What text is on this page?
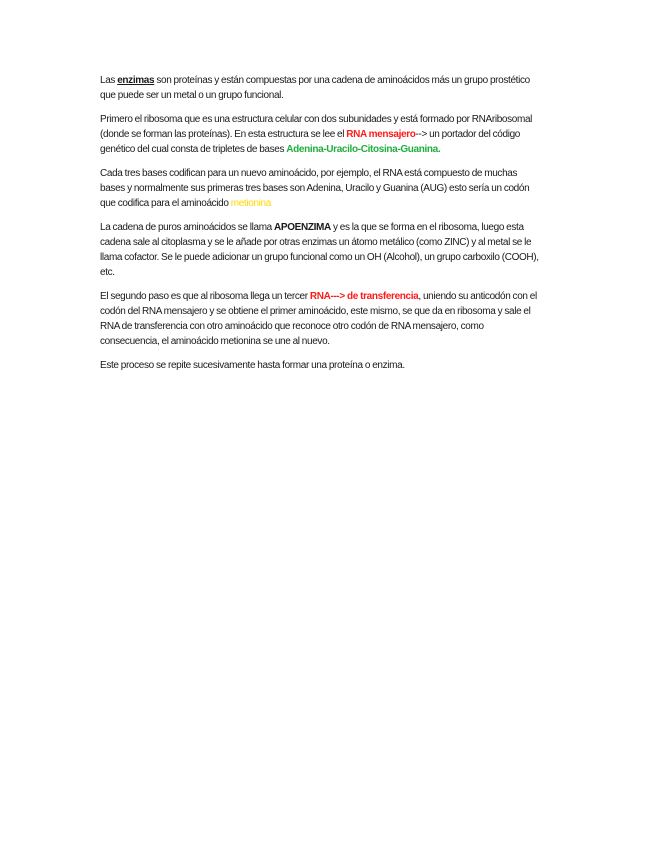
Las enzimas son proteínas y están compuestas por una cadena de aminoácidos más un grupo prostético que puede ser un metal o un grupo funcional.

Primero el ribosoma que es una estructura celular con dos subunidades y está formado por RNAribosomal (donde se forman las proteínas). En esta estructura se lee el RNA mensajero--> un portador del código genético del cual consta de tripletes de bases Adenina-Uracilo-Citosina-Guanina.

Cada tres bases codifican para un nuevo aminoácido, por ejemplo, el RNA está compuesto de muchas bases y normalmente sus primeras tres bases son Adenina, Uracilo y Guanina (AUG) esto sería un codón que codifica para el aminoácido metionina

La cadena de puros aminoácidos se llama APOENZIMA y es la que se forma en el ribosoma, luego esta cadena sale al citoplasma y se le añade por otras enzimas un átomo metálico (como ZINC) y al metal se le llama cofactor. Se le puede adicionar un grupo funcional como un OH (Alcohol), un grupo carboxilo (COOH), etc.

El segundo paso es que al ribosoma llega un tercer RNA---> de transferencia, uniendo su anticodón con el codón del RNA mensajero y se obtiene el primer aminoácido, este mismo, se que da en ribosoma y sale el RNA de transferencia con otro aminoácido que reconoce otro codón de RNA mensajero, como consecuencia, el aminoácido metionina se une al nuevo.

Este proceso se repite sucesivamente hasta formar una proteína o enzima.
